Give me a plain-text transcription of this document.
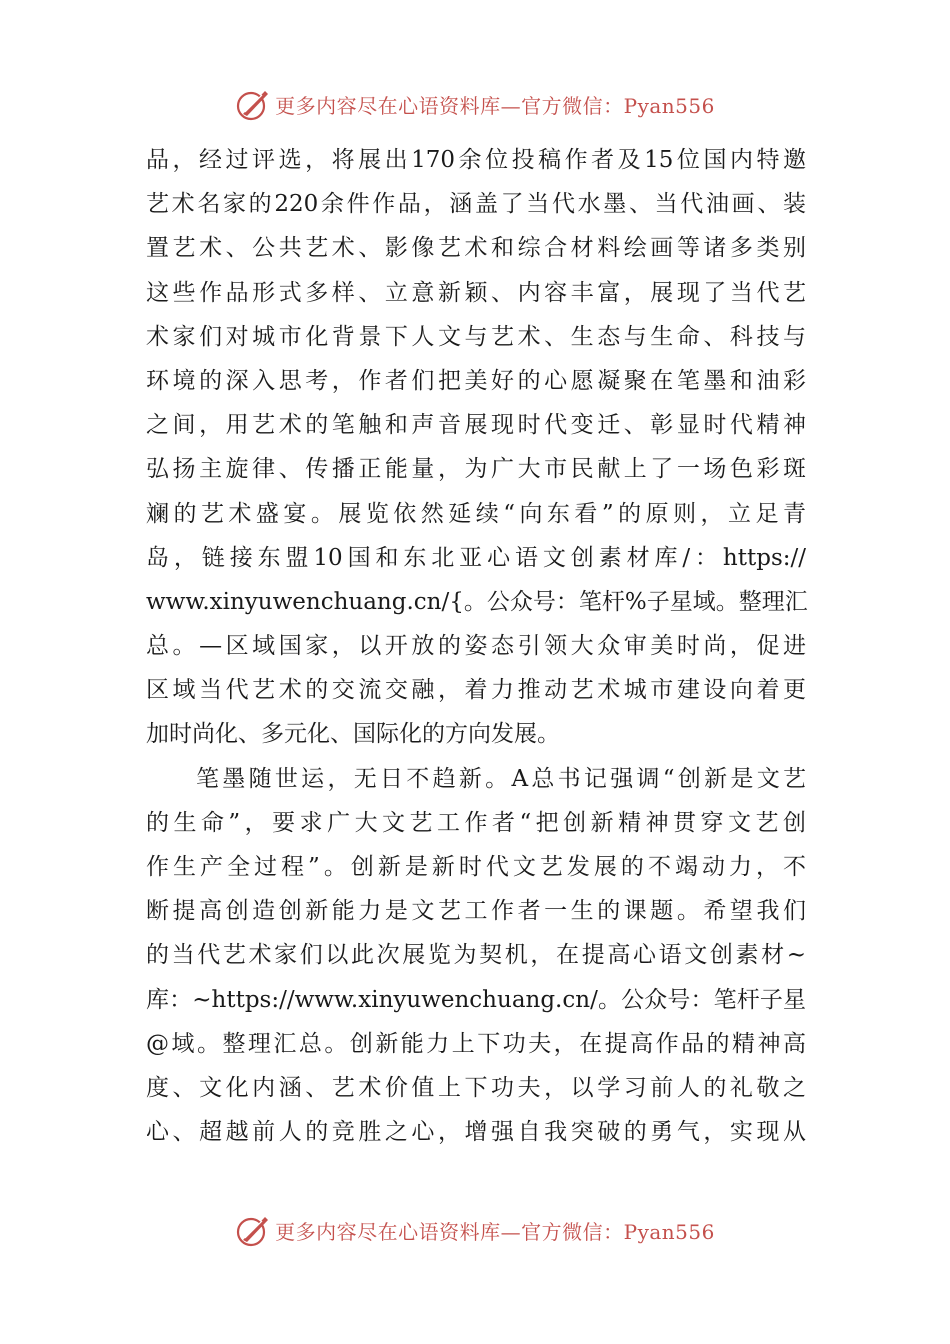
更多内容尽在心语资料库—官方微信：Pyan556
品，经过评选，将展出170余位投稿作者及15位国内特邀
艺术名家的220余件作品，涵盖了当代水墨、当代油画、装
置艺术、公共艺术、影像艺术和综合材料绘画等诸多类别
这些作品形式多样、立意新颖、内容丰富，展现了当代艺
术家们对城市化背景下人文与艺术、生态与生命、科技与
环境的深入思考，作者们把美好的心愿凝聚在笔墨和油彩
之间，用艺术的笔触和声音展现时代变迁、彰显时代精神
弘扬主旋律、传播正能量，为广大市民献上了一场色彩斑
斓的艺术盛宴。展览依然延续“向东看”的原则，立足青
岛，链接东盟10国和东北亚心语文创素材库/：https://
www.xinyuwenchuang.cn/{。公众号：笔杆%子星域。整理汇
总。—区域国家，以开放的姿态引领大众审美时尚，促进
区域当代艺术的交流交融，着力推动艺术城市建设向着更
加时尚化、多元化、国际化的方向发展。
笔墨随世运，无日不趋新。A总书记强调“创新是文艺
的生命”，要求广大文艺工作者“把创新精神贯穿文艺创
作生产全过程”。创新是新时代文艺发展的不竭动力，不
断提高创造创新能力是文艺工作者一生的课题。希望我们
的当代艺术家们以此次展览为契机，在提高心语文创素材~
库：~https://www.xinyuwenchuang.cn/。公众号：笔杆子星
@域。整理汇总。创新能力上下功夫，在提高作品的精神高
度、文化内涵、艺术价值上下功夫，以学习前人的礼敬之
心、超越前人的竞胜之心，增强自我突破的勇气，实现从
更多内容尽在心语资料库—官方微信：Pyan556
